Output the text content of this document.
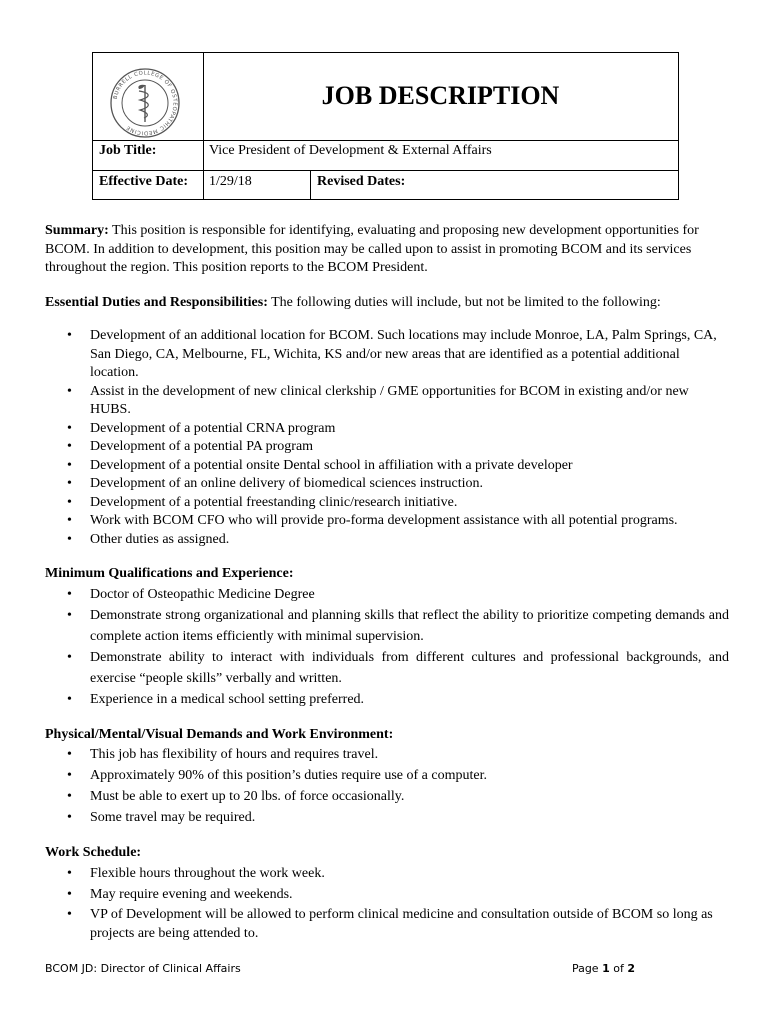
BURRELL COLLEGE OF OSTEOPATHIC MEDICINE
JOB DESCRIPTION
Job Title:	Vice President of Development & External Affairs
Effective Date: 1/29/18	Revised Dates:

Summary: This position is responsible for identifying, evaluating and proposing new development opportunities for BCOM. In addition to development, this position may be called upon to assist in promoting BCOM and its services throughout the region. This position reports to the BCOM President.

Essential Duties and Responsibilities: The following duties will include, but not be limited to the following:

• Development of an additional location for BCOM. Such locations may include Monroe, LA, Palm Springs, CA, San Diego, CA, Melbourne, FL, Wichita, KS and/or new areas that are identified as a potential additional location.
• Assist in the development of new clinical clerkship / GME opportunities for BCOM in existing and/or new HUBS.
• Development of a potential CRNA program
• Development of a potential PA program
• Development of a potential onsite Dental school in affiliation with a private developer
• Development of an online delivery of biomedical sciences instruction.
• Development of a potential freestanding clinic/research initiative.
• Work with BCOM CFO who will provide pro-forma development assistance with all potential programs.
• Other duties as assigned.

Minimum Qualifications and Experience:

• Doctor of Osteopathic Medicine Degree
• Demonstrate strong organizational and planning skills that reflect the ability to prioritize competing demands and complete action items efficiently with minimal supervision.
• Demonstrate ability to interact with individuals from different cultures and professional backgrounds, and exercise “people skills” verbally and written.
• Experience in a medical school setting preferred.

Physical/Mental/Visual Demands and Work Environment:

• This job has flexibility of hours and requires travel.
• Approximately 90% of this position’s duties require use of a computer.
• Must be able to exert up to 20 lbs. of force occasionally.
• Some travel may be required.

Work Schedule:

• Flexible hours throughout the work week.
• May require evening and weekends.
• VP of Development will be allowed to perform clinical medicine and consultation outside of BCOM so long as projects are being attended to.
BCOM JD: Director of Clinical Affairs	Page 1 of 2
